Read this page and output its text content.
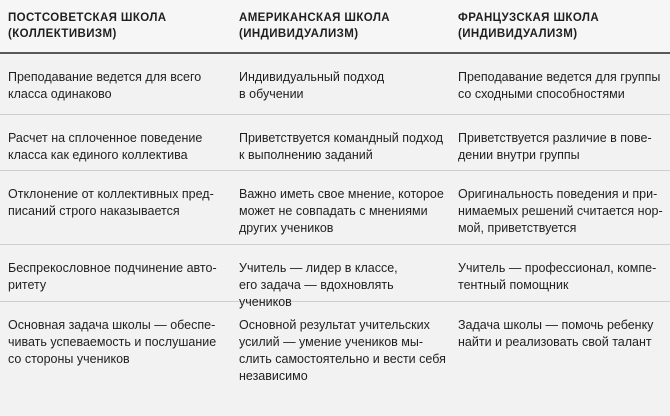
ПОСТСОВЕТСКАЯ ШКОЛА
(КОЛЛЕКТИВИЗМ)
АМЕРИКАНСКАЯ ШКОЛА
(ИНДИВИДУАЛИЗМ)
ФРАНЦУЗСКАЯ ШКОЛА
(ИНДИВИДУАЛИЗМ)
Преподавание ведется для всего
класса одинаково
Индивидуальный подход
в обучении
Преподавание ведется для группы
со сходными способностями
Расчет на сплоченное поведение
класса как единого коллектива
Приветствуется командный подход
к выполнению заданий
Приветствуется различие в пове-
дении внутри группы
Отклонение от коллективных пред-
писаний строго наказывается
Важно иметь свое мнение, которое
может не совпадать с мнениями
других учеников
Оригинальность поведения и при-
нимаемых решений считается нор-
мой, приветствуется
Беспрекословное подчинение авто-
ритету
Учитель — лидер в классе,
его задача — вдохновлять
учеников
Учитель — профессионал, компе-
тентный помощник
Основная задача школы — обеспе-
чивать успеваемость и послушание
со стороны учеников
Основной результат учительских
усилий — умение учеников мы-
слить самостоятельно и вести себя
независимо
Задача школы — помочь ребенку
найти и реализовать свой талант
